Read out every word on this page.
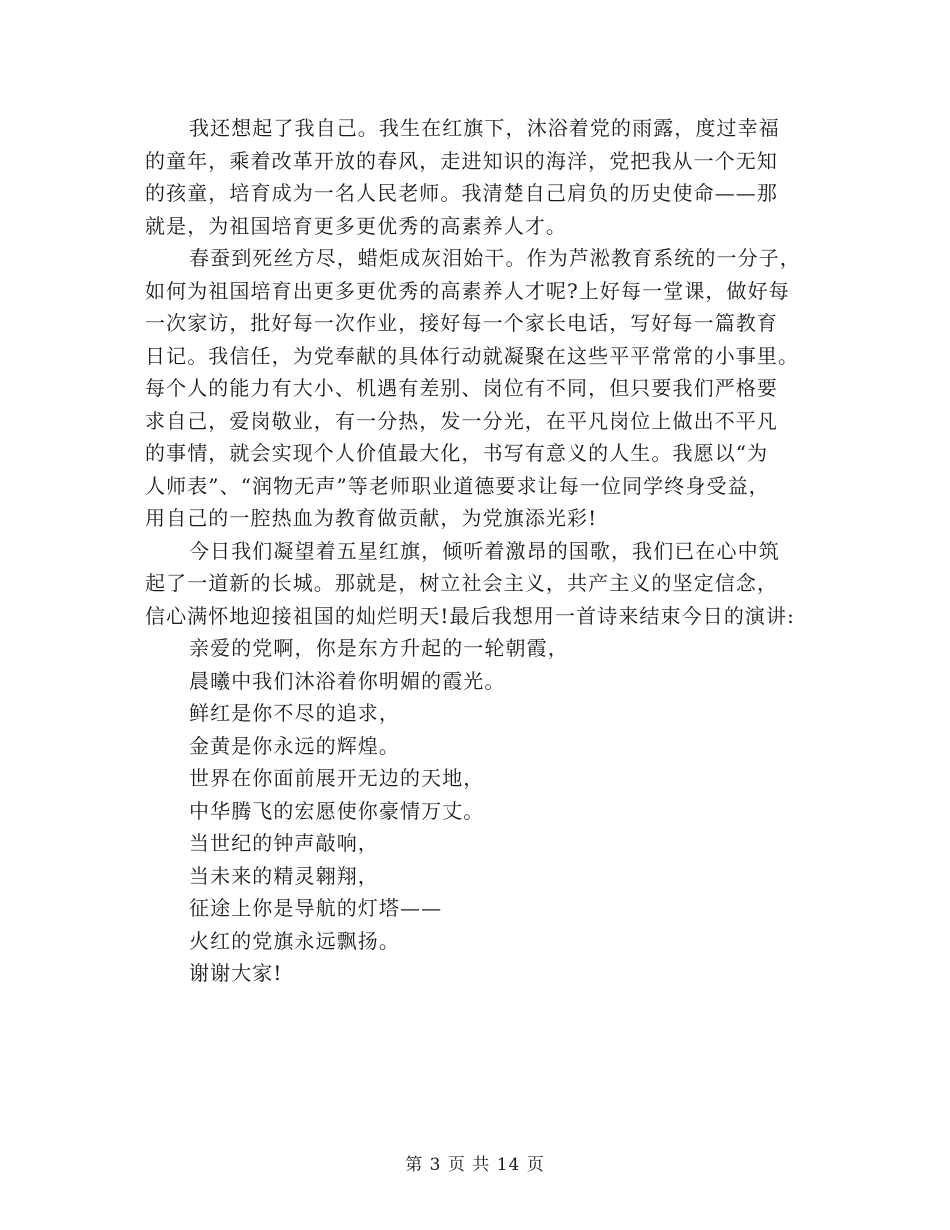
我还想起了我自己。我生在红旗下，沐浴着党的雨露，度过幸福
的童年，乘着改革开放的春风，走进知识的海洋，党把我从一个无知
的孩童，培育成为一名人民老师。我清楚自己肩负的历史使命——那
就是，为祖国培育更多更优秀的高素养人才。
春蚕到死丝方尽，蜡炬成灰泪始干。作为芦淞教育系统的一分子，
如何为祖国培育出更多更优秀的高素养人才呢?上好每一堂课，做好每
一次家访，批好每一次作业，接好每一个家长电话，写好每一篇教育
日记。我信任，为党奉献的具体行动就凝聚在这些平平常常的小事里。
每个人的能力有大小、机遇有差别、岗位有不同，但只要我们严格要
求自己，爱岗敬业，有一分热，发一分光，在平凡岗位上做出不平凡
的事情，就会实现个人价值最大化，书写有意义的人生。我愿以“为
人师表”、“润物无声”等老师职业道德要求让每一位同学终身受益，
用自己的一腔热血为教育做贡献，为党旗添光彩!
今日我们凝望着五星红旗，倾听着激昂的国歌，我们已在心中筑
起了一道新的长城。那就是，树立社会主义，共产主义的坚定信念，
信心满怀地迎接祖国的灿烂明天!最后我想用一首诗来结束今日的演讲:
亲爱的党啊，你是东方升起的一轮朝霞，
晨曦中我们沐浴着你明媚的霞光。
鲜红是你不尽的追求，
金黄是你永远的辉煌。
世界在你面前展开无边的天地，
中华腾飞的宏愿使你豪情万丈。
当世纪的钟声敲响，
当未来的精灵翱翔，
征途上你是导航的灯塔——
火红的党旗永远飘扬。
谢谢大家!
第 3 页 共 14 页
